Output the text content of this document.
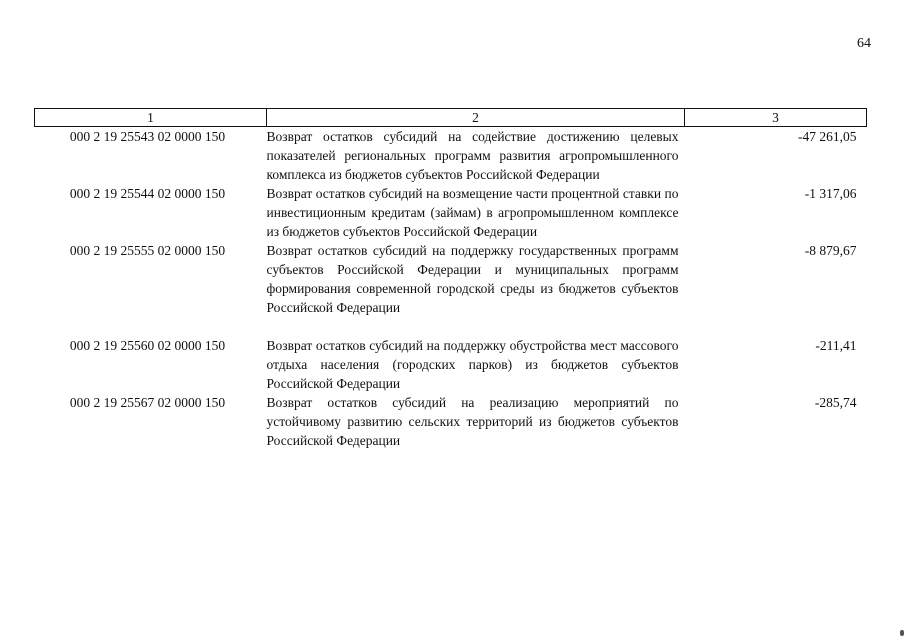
64
1	2	3
000 2 19 25543 02 0000 150	Возврат остатков субсидий на содействие достижению целевых показателей региональных программ развития агропромышленного комплекса из бюджетов субъектов Российской Федерации	-47 261,05
000 2 19 25544 02 0000 150	Возврат остатков субсидий на возмещение части процентной ставки по инвестиционным кредитам (займам) в агропромышленном комплексе из бюджетов субъектов Российской Федерации	-1 317,06
000 2 19 25555 02 0000 150	Возврат остатков субсидий на поддержку государственных программ субъектов Российской Федерации и муниципальных программ формирования современной городской среды из бюджетов субъектов Российской Федерации	-8 879,67
000 2 19 25560 02 0000 150	Возврат остатков субсидий на поддержку обустройства мест массового отдыха населения (городских парков) из бюджетов субъектов Российской Федерации	-211,41
000 2 19 25567 02 0000 150	Возврат остатков субсидий на реализацию мероприятий по устойчивому развитию сельских территорий из бюджетов субъектов Российской Федерации	-285,74
